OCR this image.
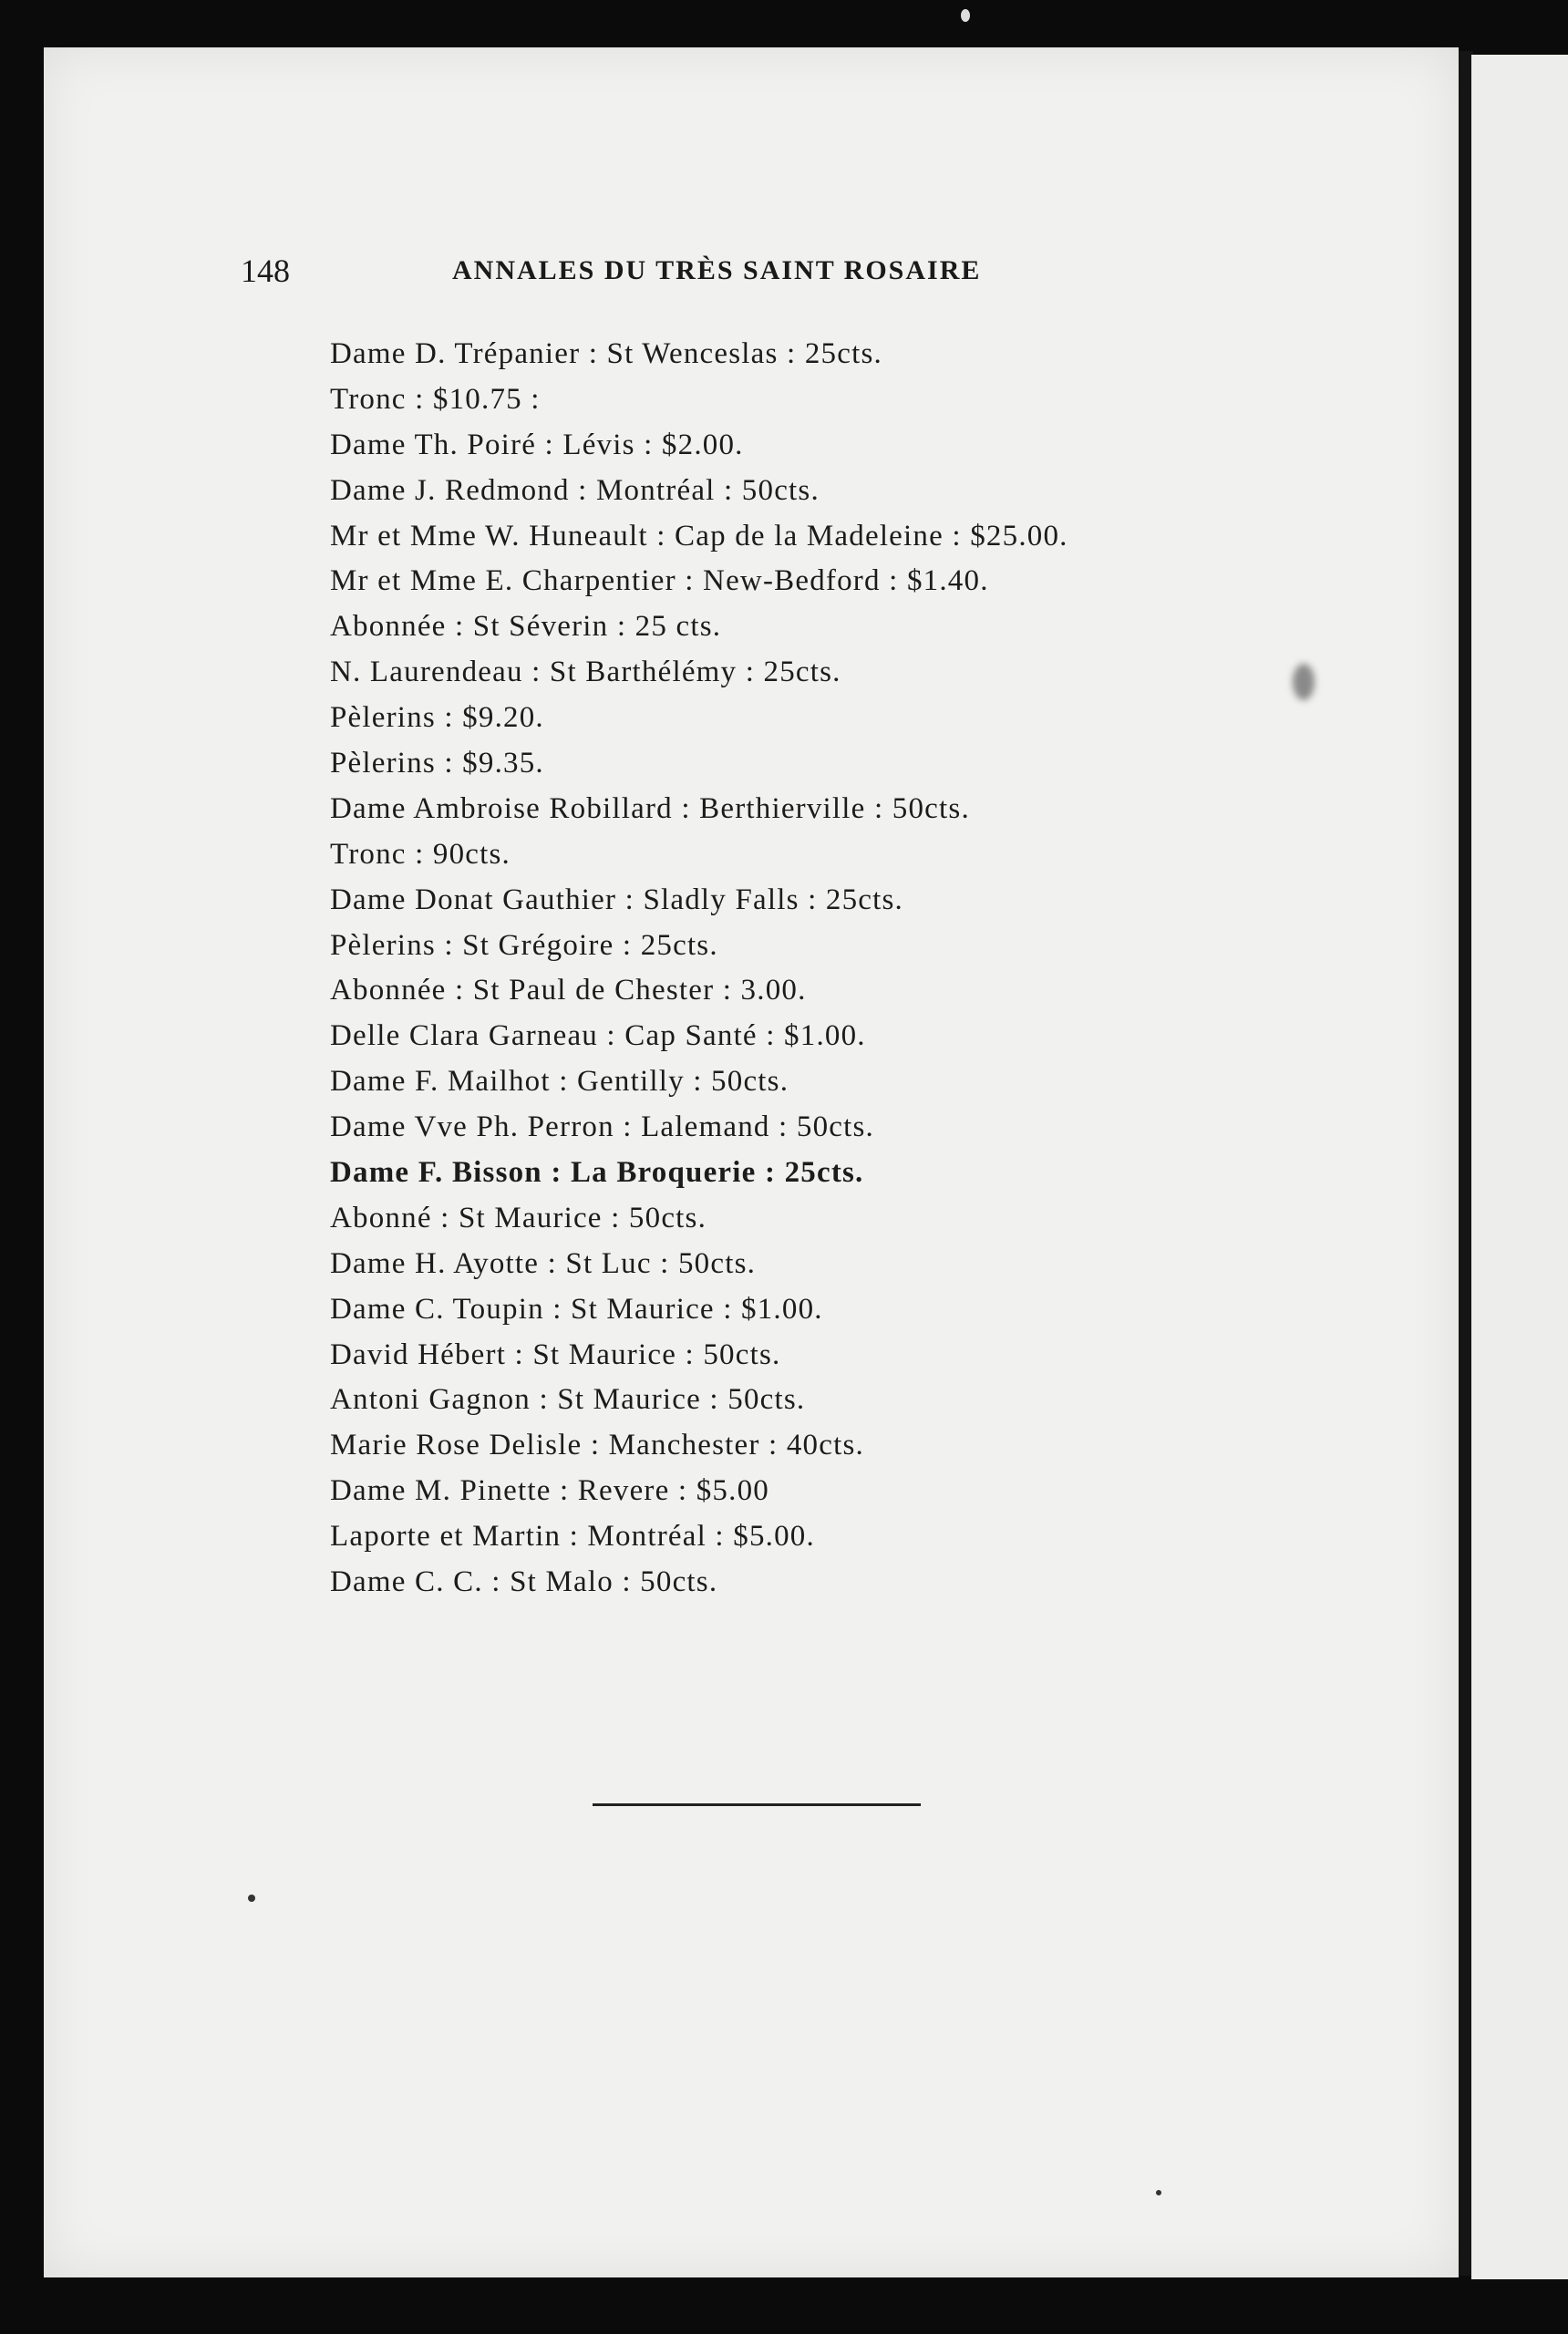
148	ANNALES DU TRÈS SAINT ROSAIRE
Dame D. Trépanier : St Wenceslas : 25cts.
Tronc : $10.75 :
Dame Th. Poiré : Lévis : $2.00.
Dame J. Redmond : Montréal : 50cts.
Mr et Mme W. Huneault : Cap de la Madeleine : $25.00.
Mr et Mme E. Charpentier : New-Bedford : $1.40.
Abonnée : St Séverin : 25 cts.
N. Laurendeau : St Barthélémy : 25cts.
Pèlerins : $9.20.
Pèlerins : $9.35.
Dame Ambroise Robillard : Berthierville : 50cts.
Tronc : 90cts.
Dame Donat Gauthier : Sladly Falls : 25cts.
Pèlerins : St Grégoire : 25cts.
Abonnée : St Paul de Chester : 3.00.
Delle Clara Garneau : Cap Santé : $1.00.
Dame F. Mailhot : Gentilly : 50cts.
Dame Vve Ph. Perron : Lalemand : 50cts.
Dame F. Bisson : La Broquerie : 25cts.
Abonné : St Maurice : 50cts.
Dame H. Ayotte : St Luc : 50cts.
Dame C. Toupin : St Maurice : $1.00.
David Hébert : St Maurice : 50cts.
Antoni Gagnon : St Maurice : 50cts.
Marie Rose Delisle : Manchester : 40cts.
Dame M. Pinette : Revere : $5.00
Laporte et Martin : Montréal : $5.00.
Dame C. C. : St Malo : 50cts.
